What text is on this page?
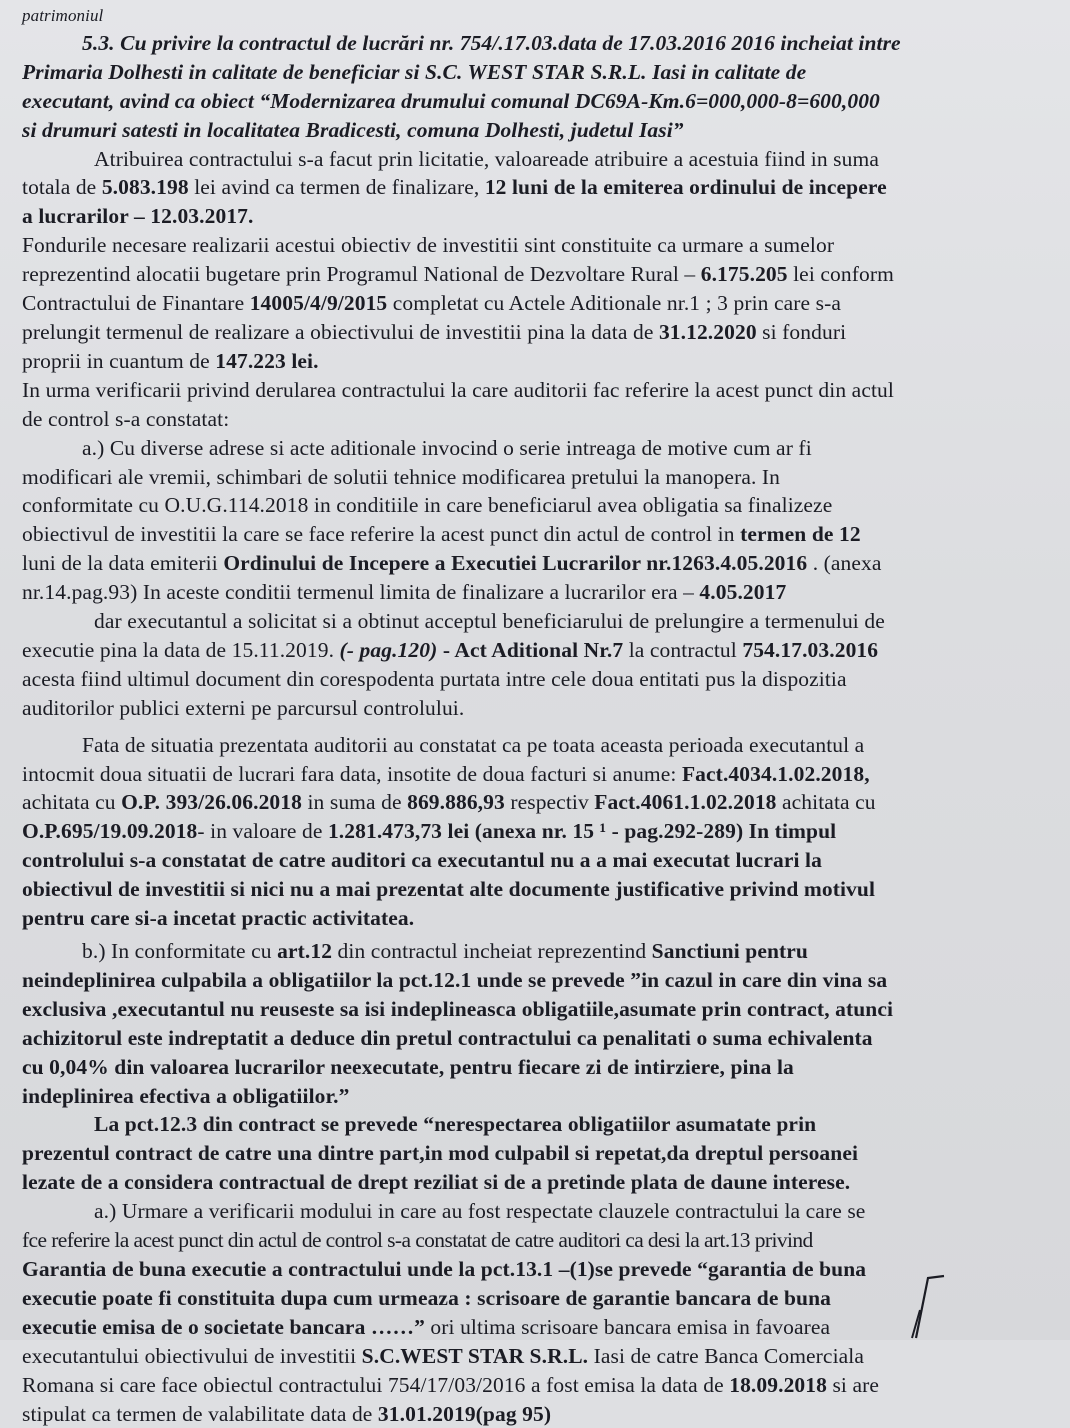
patrimoniul

5.3. Cu privire la contractul de lucrări nr. 754/.17.03.data de 17.03.2016 2016 incheiat intre
Primaria Dolhesti in calitate de beneficiar si S.C. WEST STAR S.R.L. Iasi in calitate de
executant, avind ca obiect “Modernizarea drumului comunal DC69A-Km.6=000,000-8=600,000
si drumuri satesti in localitatea Bradicesti, comuna Dolhesti, judetul Iasi”

Atribuirea contractului s-a facut prin licitatie, valoareade atribuire a acestuia fiind in suma
totala de 5.083.198 lei avind ca termen de finalizare, 12 luni de la emiterea ordinului de incepere
a lucrarilor – 12.03.2017.

Fondurile necesare realizarii acestui obiectiv de investitii sint constituite ca urmare a sumelor
reprezentind alocatii bugetare prin Programul National de Dezvoltare Rural – 6.175.205 lei conform
Contractului de Finantare 14005/4/9/2015 completat cu Actele Aditionale nr.1 ; 3 prin care s-a
prelungit termenul de realizare a obiectivului de investitii pina la data de 31.12.2020 si fonduri
proprii in cuantum de 147.223 lei.

In urma verificarii privind derularea contractului la care auditorii fac referire la acest punct din actul
de control s-a constatat:

a.) Cu diverse adrese si acte aditionale invocind o serie intreaga de motive cum ar fi
modificari ale vremii, schimbari de solutii tehnice modificarea pretului la manopera. In
conformitate cu O.U.G.114.2018 in conditiile in care beneficiarul avea obligatia sa finalizeze
obiectivul de investitii la care se face referire la acest punct din actul de control in termen de 12
luni de la data emiterii Ordinului de Incepere a Executiei Lucrarilor nr.1263.4.05.2016 . (anexa
nr.14.pag.93) In aceste conditii termenul limita de finalizare a lucrarilor era – 4.05.2017
dar executantul a solicitat si a obtinut acceptul beneficiarului de prelungire a termenului de
executie pina la data de 15.11.2019. (- pag.120) - Act Aditional Nr.7 la contractul 754.17.03.2016
acesta fiind ultimul document din corespodenta purtata intre cele doua entitati pus la dispozitia
auditorilor publici externi pe parcursul controlului.

Fata de situatia prezentata auditorii au constatat ca pe toata aceasta perioada executantul a
intocmit doua situatii de lucrari fara data, insotite de doua facturi si anume: Fact.4034.1.02.2018,
achitata cu O.P. 393/26.06.2018 in suma de 869.886,93 respectiv Fact.4061.1.02.2018 achitata cu
O.P.695/19.09.2018- in valoare de 1.281.473,73 lei (anexa nr. 15 ¹ - pag.292-289) In timpul
controlului s-a constatat de catre auditori ca executantul nu a a mai executat lucrari la
obiectivul de investitii si nici nu a mai prezentat alte documente justificative privind motivul
pentru care si-a incetat practic activitatea.

b.) In conformitate cu art.12 din contractul incheiat reprezentind Sanctiuni pentru
neindeplinirea culpabila a obligatiilor la pct.12.1 unde se prevede ”in cazul in care din vina sa
exclusiva ,executantul nu reuseste sa isi indeplineasca obligatiile,asumate prin contract, atunci
achizitorul este indreptatit a deduce din pretul contractului ca penalitati o suma echivalenta
cu 0,04% din valoarea lucrarilor neexecutate, pentru fiecare zi de intirziere, pina la
indeplinirea efectiva a obligatiilor.”

La pct.12.3 din contract se prevede “nerespectarea obligatiilor asumatate prin
prezentul contract de catre una dintre part,in mod culpabil si repetat,da dreptul persoanei
lezate de a considera contractual de drept reziliat si de a pretinde plata de daune interese.

a.) Urmare a verificarii modului in care au fost respectate clauzele contractului la care se
fce referire la acest punct din actul de control s-a constatat de catre auditori ca desi la art.13 privind
Garantia de buna executie a contractului unde la pct.13.1 –(1)se prevede “garantia de buna
executie poate fi constituita dupa cum urmeaza : scrisoare de garantie bancara de buna
executie emisa de o societate bancara ……” ori ultima scrisoare bancara emisa in favoarea
executantului obiectivului de investitii S.C.WEST STAR S.R.L. Iasi de catre Banca Comerciala
Romana si care face obiectul contractului 754/17/03/2016 a fost emisa la data de 18.09.2018 si are
stipulat ca termen de valabilitate data de 31.01.2019(pag 95)
